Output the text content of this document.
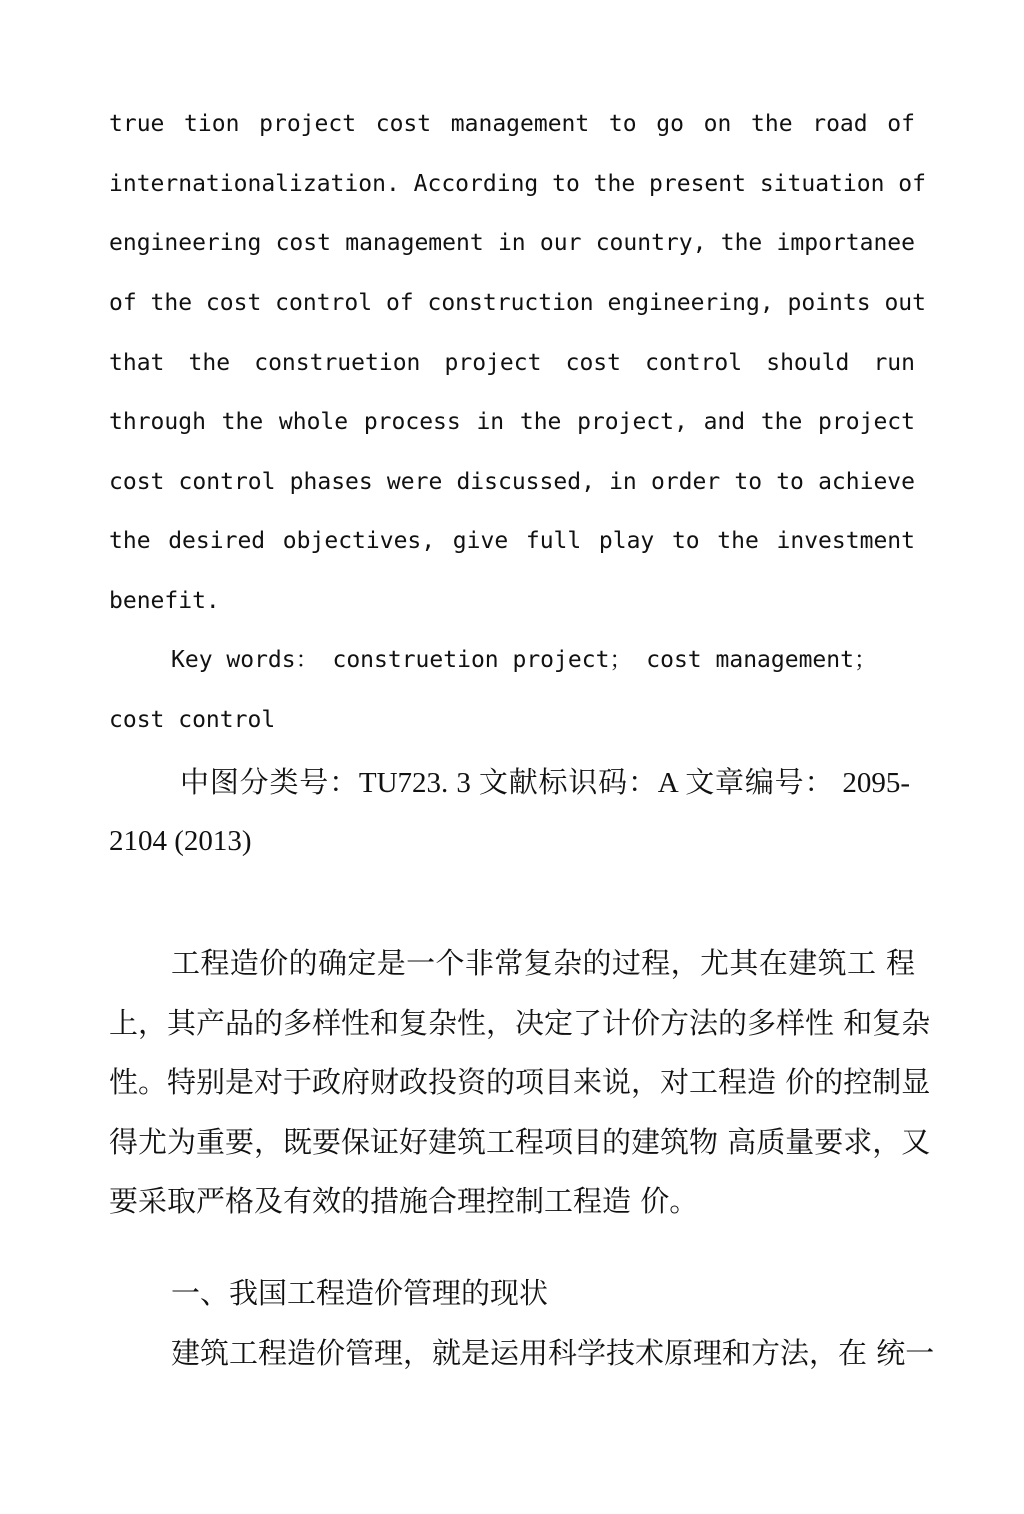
true tion project cost management to go on the road of
internationalization. According to the present situation of
engineering cost management in our country, the importanee
of the cost control of construction engineering, points out
that the construetion project cost control should run
through the whole process in the project, and the project
cost control phases were discussed, in order to to achieve
the desired objectives, give full play to the investment
benefit.
Key words： construetion project； cost management；
cost control
中图分类号：TU723. 3 文献标识码：A 文章编号： 2095-
2104 (2013)
工程造价的确定是一个非常复杂的过程，尤其在建筑工 程
上，其产品的多样性和复杂性，决定了计价方法的多样性 和复杂
性。特别是对于政府财政投资的项目来说，对工程造 价的控制显
得尤为重要，既要保证好建筑工程项目的建筑物 高质量要求，又
要采取严格及有效的措施合理控制工程造 价。
一、我国工程造价管理的现状
建筑工程造价管理，就是运用科学技术原理和方法，在 统一
